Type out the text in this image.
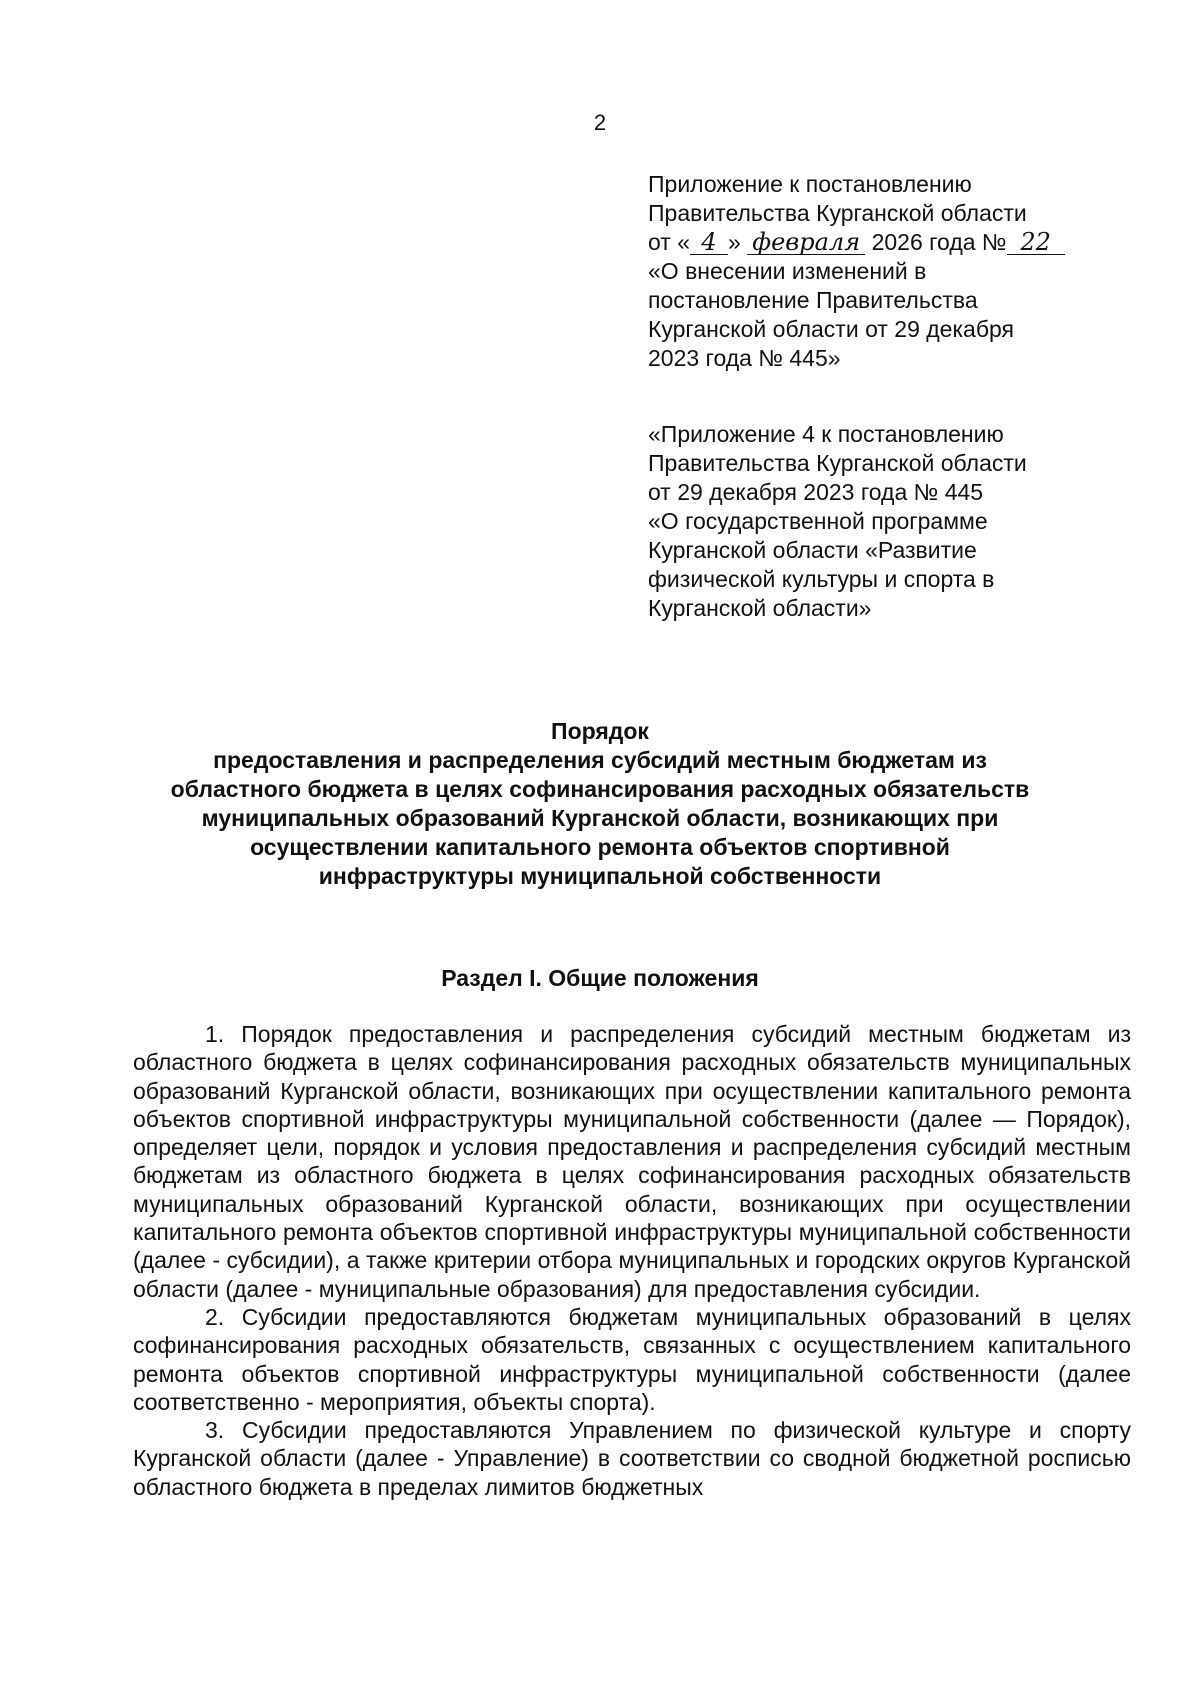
2
Приложение к постановлению
Правительства Курганской области
от « 4 » февраля 2026 года № 22
«О внесении изменений в
постановление Правительства
Курганской области от 29 декабря
2023 года № 445»
«Приложение 4 к постановлению
Правительства Курганской области
от 29 декабря 2023 года № 445
«О государственной программе
Курганской области «Развитие
физической культуры и спорта в
Курганской области»
Порядок
предоставления и распределения субсидий местным бюджетам из
областного бюджета в целях софинансирования расходных обязательств
муниципальных образований Курганской области, возникающих при
осуществлении капитального ремонта объектов спортивной
инфраструктуры муниципальной собственности
Раздел I. Общие положения

1. Порядок предоставления и распределения субсидий местным бюджетам из областного бюджета в целях софинансирования расходных обязательств муниципальных образований Курганской области, возникающих при осуществлении капитального ремонта объектов спортивной инфраструктуры муниципальной собственности (далее — Порядок), определяет цели, порядок и условия предоставления и распределения субсидий местным бюджетам из областного бюджета в целях софинансирования расходных обязательств муниципальных образований Курганской области, возникающих при осуществлении капитального ремонта объектов спортивной инфраструктуры муниципальной собственности (далее - субсидии), а также критерии отбора муниципальных и городских округов Курганской области (далее - муниципальные образования) для предоставления субсидии.

2. Субсидии предоставляются бюджетам муниципальных образований в целях софинансирования расходных обязательств, связанных с осуществлением капитального ремонта объектов спортивной инфраструктуры муниципальной собственности (далее соответственно - мероприятия, объекты спорта).

3. Субсидии предоставляются Управлением по физической культуре и спорту Курганской области (далее - Управление) в соответствии со сводной бюджетной росписью областного бюджета в пределах лимитов бюджетных
